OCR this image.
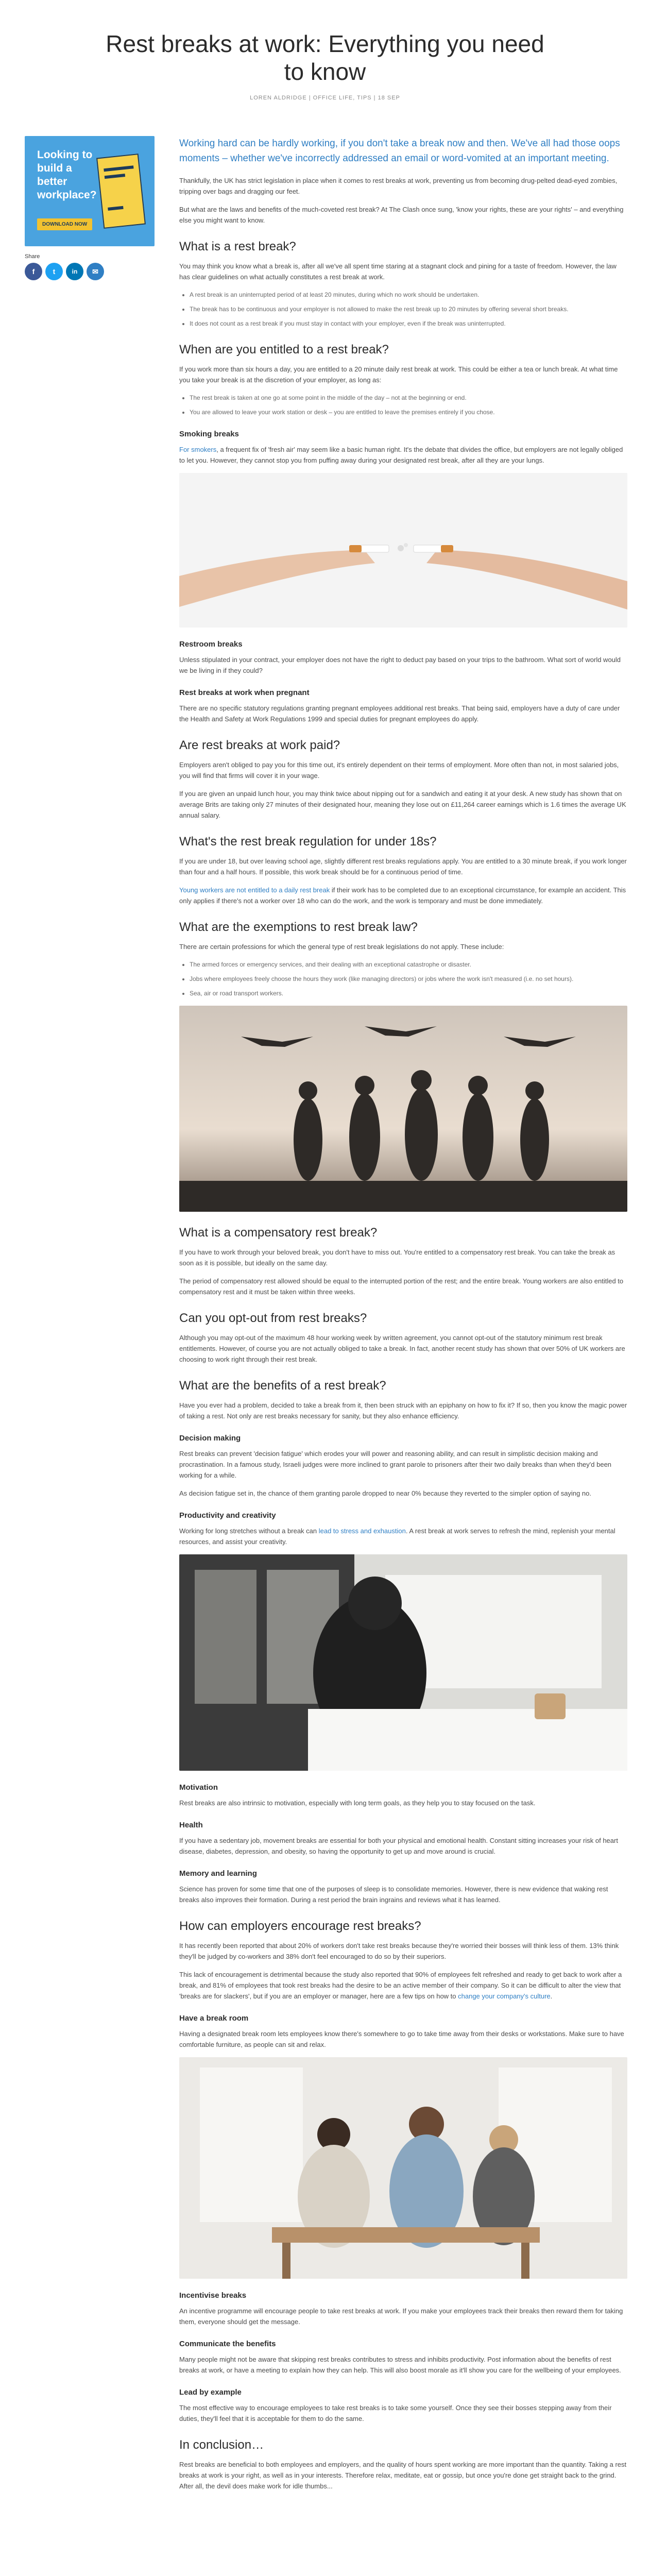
Rest breaks at work: Everything you need to know
LOREN ALDRIDGE | OFFICE LIFE, TIPS | 18 SEP
Looking to build a better workplace?
DOWNLOAD NOW
Share
f	t	in	✉

Working hard can be hardly working, if you don't take a break now and then. We've all had those oops moments – whether we've incorrectly addressed an email or word-vomited at an important meeting.

Thankfully, the UK has strict legislation in place when it comes to rest breaks at work, preventing us from becoming drug-pelted dead-eyed zombies, tripping over bags and dragging our feet.

But what are the laws and benefits of the much-coveted rest break? At The Clash once sung, 'know your rights, these are your rights' – and everything else you might want to know.

What is a rest break?

You may think you know what a break is, after all we've all spent time staring at a stagnant clock and pining for a taste of freedom. However, the law has clear guidelines on what actually constitutes a rest break at work.

• A rest break is an uninterrupted period of at least 20 minutes, during which no work should be undertaken.
• The break has to be continuous and your employer is not allowed to make the rest break up to 20 minutes by offering several short breaks.
• It does not count as a rest break if you must stay in contact with your employer, even if the break was uninterrupted.
When are you entitled to a rest break?

If you work more than six hours a day, you are entitled to a 20 minute daily rest break at work. This could be either a tea or lunch break. At what time you take your break is at the discretion of your employer, as long as:

• The rest break is taken at one go at some point in the middle of the day – not at the beginning or end.
• You are allowed to leave your work station or desk – you are entitled to leave the premises entirely if you chose.
Smoking breaks

For smokers, a frequent fix of 'fresh air' may seem like a basic human right. It's the debate that divides the office, but employers are not legally obliged to let you. However, they cannot stop you from puffing away during your designated rest break, after all they are your lungs.

Restroom breaks

Unless stipulated in your contract, your employer does not have the right to deduct pay based on your trips to the bathroom. What sort of world would we be living in if they could?

Rest breaks at work when pregnant

There are no specific statutory regulations granting pregnant employees additional rest breaks. That being said, employers have a duty of care under the Health and Safety at Work Regulations 1999 and special duties for pregnant employees do apply.

Are rest breaks at work paid?

Employers aren't obliged to pay you for this time out, it's entirely dependent on their terms of employment. More often than not, in most salaried jobs, you will find that firms will cover it in your wage.

If you are given an unpaid lunch hour, you may think twice about nipping out for a sandwich and eating it at your desk. A new study has shown that on average Brits are taking only 27 minutes of their designated hour, meaning they lose out on £11,264 career earnings which is 1.6 times the average UK annual salary.

What's the rest break regulation for under 18s?

If you are under 18, but over leaving school age, slightly different rest breaks regulations apply. You are entitled to a 30 minute break, if you work longer than four and a half hours. If possible, this work break should be for a continuous period of time.

Young workers are not entitled to a daily rest break if their work has to be completed due to an exceptional circumstance, for example an accident. This only applies if there's not a worker over 18 who can do the work, and the work is temporary and must be done immediately.

What are the exemptions to rest break law?

There are certain professions for which the general type of rest break legislations do not apply. These include:

• The armed forces or emergency services, and their dealing with an exceptional catastrophe or disaster.
• Jobs where employees freely choose the hours they work (like managing directors) or jobs where the work isn't measured (i.e. no set hours).
• Sea, air or road transport workers.
What is a compensatory rest break?

If you have to work through your beloved break, you don't have to miss out. You're entitled to a compensatory rest break. You can take the break as soon as it is possible, but ideally on the same day.

The period of compensatory rest allowed should be equal to the interrupted portion of the rest; and the entire break. Young workers are also entitled to compensatory rest and it must be taken within three weeks.

Can you opt-out from rest breaks?

Although you may opt-out of the maximum 48 hour working week by written agreement, you cannot opt-out of the statutory minimum rest break entitlements. However, of course you are not actually obliged to take a break. In fact, another recent study has shown that over 50% of UK workers are choosing to work right through their rest break.

What are the benefits of a rest break?

Have you ever had a problem, decided to take a break from it, then been struck with an epiphany on how to fix it? If so, then you know the magic power of taking a rest. Not only are rest breaks necessary for sanity, but they also enhance efficiency.

Decision making

Rest breaks can prevent 'decision fatigue' which erodes your will power and reasoning ability, and can result in simplistic decision making and procrastination. In a famous study, Israeli judges were more inclined to grant parole to prisoners after their two daily breaks than when they'd been working for a while.

As decision fatigue set in, the chance of them granting parole dropped to near 0% because they reverted to the simpler option of saying no.

Productivity and creativity

Working for long stretches without a break can lead to stress and exhaustion. A rest break at work serves to refresh the mind, replenish your mental resources, and assist your creativity.

Motivation

Rest breaks are also intrinsic to motivation, especially with long term goals, as they help you to stay focused on the task.

Health

If you have a sedentary job, movement breaks are essential for both your physical and emotional health. Constant sitting increases your risk of heart disease, diabetes, depression, and obesity, so having the opportunity to get up and move around is crucial.

Memory and learning

Science has proven for some time that one of the purposes of sleep is to consolidate memories. However, there is new evidence that waking rest breaks also improves their formation. During a rest period the brain ingrains and reviews what it has learned.

How can employers encourage rest breaks?

It has recently been reported that about 20% of workers don't take rest breaks because they're worried their bosses will think less of them. 13% think they'll be judged by co-workers and 38% don't feel encouraged to do so by their superiors.

This lack of encouragement is detrimental because the study also reported that 90% of employees felt refreshed and ready to get back to work after a break, and 81% of employees that took rest breaks had the desire to be an active member of their company. So it can be difficult to alter the view that 'breaks are for slackers', but if you are an employer or manager, here are a few tips on how to change your company's culture.

Have a break room

Having a designated break room lets employees know there's somewhere to go to take time away from their desks or workstations. Make sure to have comfortable furniture, as people can sit and relax.

Incentivise breaks

An incentive programme will encourage people to take rest breaks at work. If you make your employees track their breaks then reward them for taking them, everyone should get the message.

Communicate the benefits

Many people might not be aware that skipping rest breaks contributes to stress and inhibits productivity. Post information about the benefits of rest breaks at work, or have a meeting to explain how they can help. This will also boost morale as it'll show you care for the wellbeing of your employees.

Lead by example

The most effective way to encourage employees to take rest breaks is to take some yourself. Once they see their bosses stepping away from their duties, they'll feel that it is acceptable for them to do the same.

In conclusion…

Rest breaks are beneficial to both employees and employers, and the quality of hours spent working are more important than the quantity. Taking a rest breaks at work is your right, as well as in your interests. Therefore relax, meditate, eat or gossip, but once you're done get straight back to the grind. After all, the devil does make work for idle thumbs...
